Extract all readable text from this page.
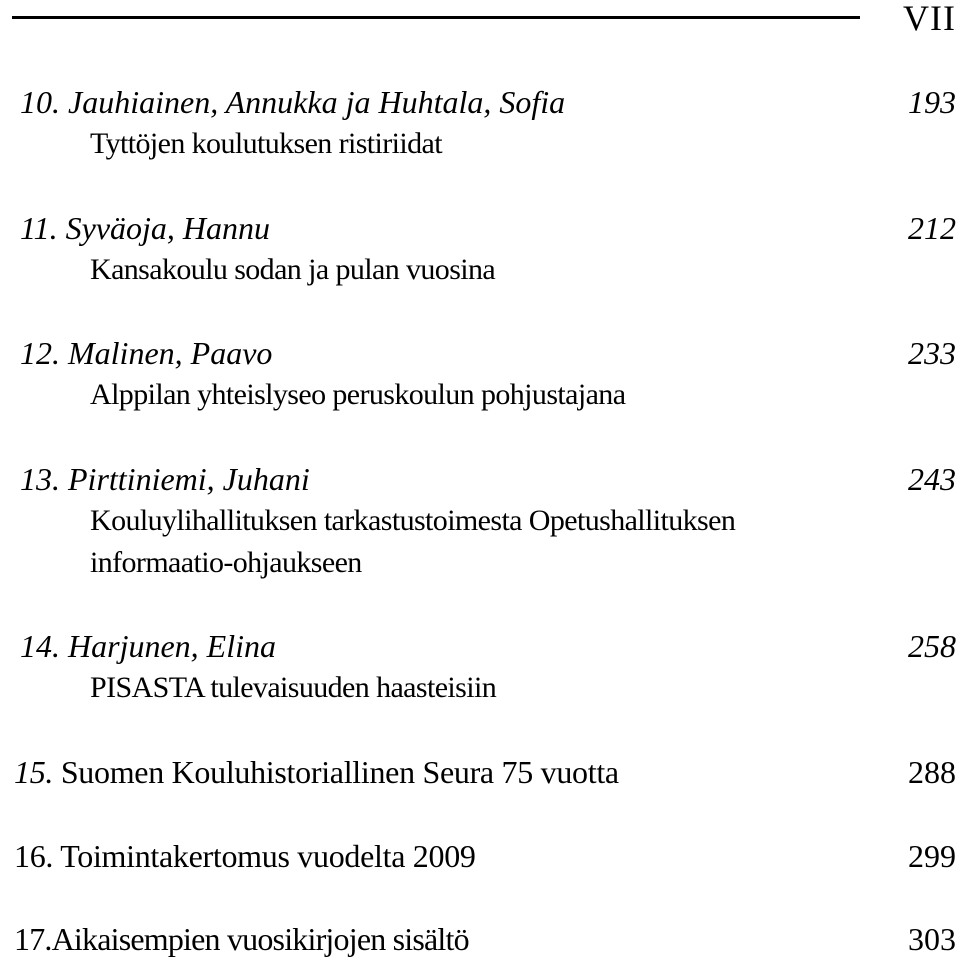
VII
10. Jauhiainen, Annukka ja Huhtala, Sofia	193
Tyttöjen koulutuksen ristiriidat
11. Syväoja, Hannu	212
Kansakoulu sodan ja pulan vuosina
12. Malinen, Paavo	233
Alppilan yhteislyseo peruskoulun pohjustajana
13. Pirttiniemi, Juhani	243
Kouluylihallituksen tarkastustoimesta Opetushallituksen
informaatio-ohjaukseen
14. Harjunen, Elina	258
PISASTA tulevaisuuden haasteisiin
15. Suomen Kouluhistoriallinen Seura 75 vuotta	288
16. Toimintakertomus vuodelta 2009	299
17.Aikaisempien vuosikirjojen sisältö	303
